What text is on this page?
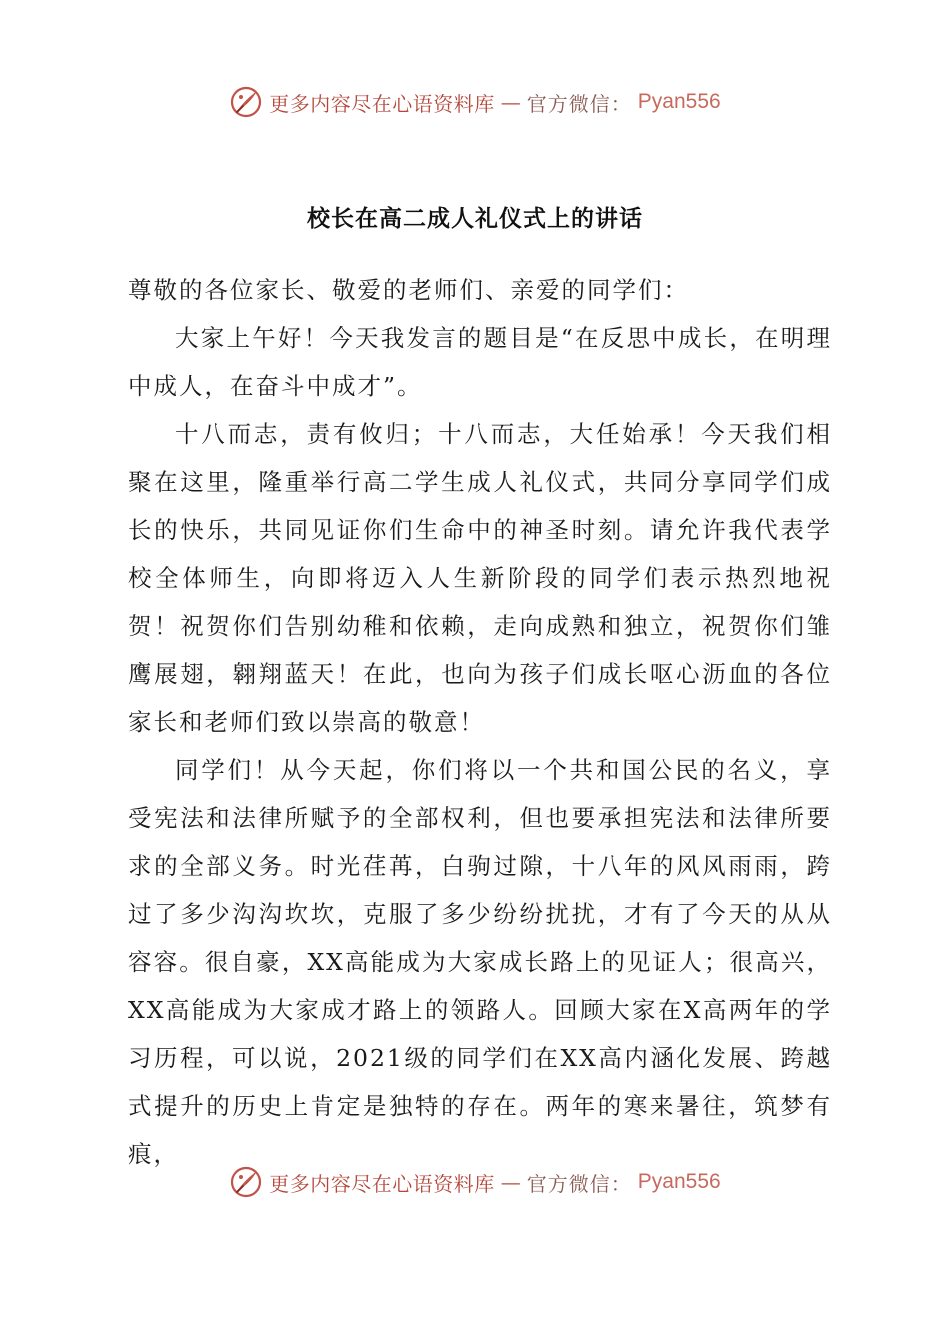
更多内容尽在心语资料库 — 官方微信： Pyan556
校长在高二成人礼仪式上的讲话

尊敬的各位家长、敬爱的老师们、亲爱的同学们：

大家上午好！今天我发言的题目是“在反思中成长，在明理中成人，在奋斗中成才”。

十八而志，责有攸归；十八而志，大任始承！今天我们相聚在这里，隆重举行高二学生成人礼仪式，共同分享同学们成长的快乐，共同见证你们生命中的神圣时刻。请允许我代表学校全体师生，向即将迈入人生新阶段的同学们表示热烈地祝贺！祝贺你们告别幼稚和依赖，走向成熟和独立，祝贺你们雏鹰展翅，翱翔蓝天！在此，也向为孩子们成长呕心沥血的各位家长和老师们致以崇高的敬意！

同学们！从今天起，你们将以一个共和国公民的名义，享受宪法和法律所赋予的全部权利，但也要承担宪法和法律所要求的全部义务。时光荏苒，白驹过隙，十八年的风风雨雨，跨过了多少沟沟坎坎，克服了多少纷纷扰扰，才有了今天的从从容容。很自豪，XX高能成为大家成长路上的见证人；很高兴，XX高能成为大家成才路上的领路人。回顾大家在X高两年的学习历程，可以说，2021级的同学们在XX高内涵化发展、跨越式提升的历史上肯定是独特的存在。两年的寒来暑往，筑梦有痕，

更多内容尽在心语资料库 — 官方微信： Pyan556
